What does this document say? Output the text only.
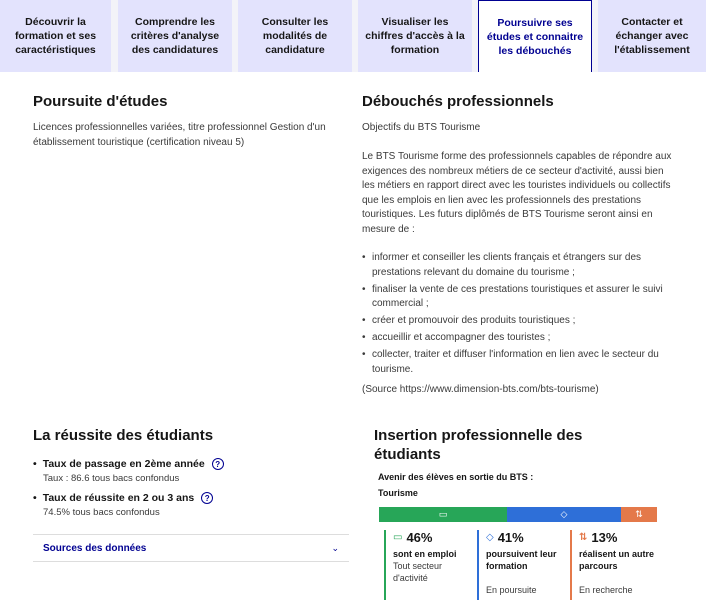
Découvrir la
formation et ses
caractéristiques
Comprendre les
critères d'analyse
des candidatures
Consulter les
modalités de
candidature
Visualiser les
chiffres d'accès à la
formation
Poursuivre ses
études et connaitre
les débouchés
Contacter et
échanger avec
l'établissement
Poursuite d'études
Licences professionnelles variées, titre professionnel Gestion d'un établissement touristique (certification niveau 5)
Débouchés professionnels
Objectifs du BTS Tourisme
Le BTS Tourisme forme des professionnels capables de répondre aux exigences des nombreux métiers de ce secteur d'activité, aussi bien les métiers en rapport direct avec les touristes individuels ou collectifs que les emplois en lien avec les professionnels des prestations touristiques. Les futurs diplômés de BTS Tourisme seront ainsi en mesure de :
• informer et conseiller les clients français et étrangers sur des prestations relevant du domaine du tourisme ;
• finaliser la vente de ces prestations touristiques et assurer le suivi commercial ;
• créer et promouvoir des produits touristiques ;
• accueillir et accompagner des touristes ;
• collecter, traiter et diffuser l'information en lien avec le secteur du tourisme.
(Source https://www.dimension-bts.com/bts-tourisme)
La réussite des étudiants
• Taux de passage en 2ème année	?
Taux : 86.6 tous bacs confondus
• Taux de réussite en 2 ou 3 ans	?
74.5% tous bacs confondus
Sources des données	⌄
Insertion professionnelle des
étudiants
Avenir des élèves en sortie du BTS :
Tourisme
▭	◇	⇅
▭ 46%
sont en emploi
Tout secteur
d'activité
◇ 41%
poursuivent leur
formation
En poursuite
⇅ 13%
réalisent un autre
parcours
En recherche
